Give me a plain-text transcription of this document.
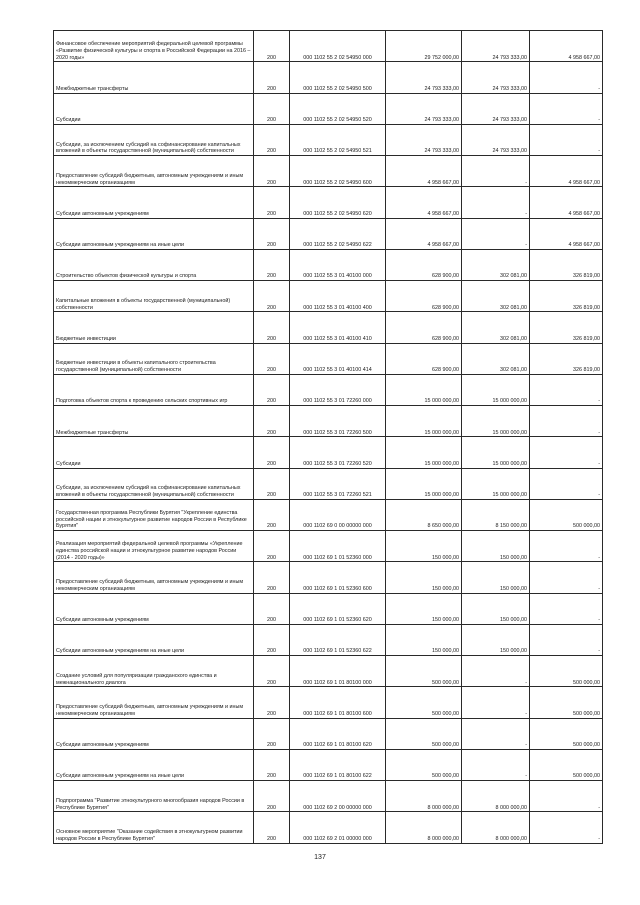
Финансовое обеспечение мероприятий федеральной целевой программы «Развитие физической культуры и спорта в Российской Федерации на 2016 – 2020 годы»	200	000 1102 55 2 02 54950 000	29 752 000,00	24 793 333,00	4 958 667,00
Межбюджетные трансферты	200	000 1102 55 2 02 54950 500	24 793 333,00	24 793 333,00	-
Субсидии	200	000 1102 55 2 02 54950 520	24 793 333,00	24 793 333,00	-
Субсидии, за исключением субсидий на софинансирование капитальных вложений в объекты государственной (муниципальной) собственности	200	000 1102 55 2 02 54950 521	24 793 333,00	24 793 333,00	-
Предоставление субсидий бюджетным, автономным учреждениям и иным некоммерческим организациям	200	000 1102 55 2 02 54950 600	4 958 667,00	-	4 958 667,00
Субсидии автономным учреждениям	200	000 1102 55 2 02 54950 620	4 958 667,00	-	4 958 667,00
Субсидии автономным учреждениям на иные цели	200	000 1102 55 2 02 54950 622	4 958 667,00	-	4 958 667,00
Строительство объектов физической культуры и спорта	200	000 1102 55 3 01 40100 000	628 900,00	302 081,00	326 819,00
Капитальные вложения в объекты государственной (муниципальной) собственности	200	000 1102 55 3 01 40100 400	628 900,00	302 081,00	326 819,00
Бюджетные инвестиции	200	000 1102 55 3 01 40100 410	628 900,00	302 081,00	326 819,00
Бюджетные инвестиции в объекты капитального строительства государственной (муниципальной) собственности	200	000 1102 55 3 01 40100 414	628 900,00	302 081,00	326 819,00
Подготовка объектов спорта к проведению сельских спортивных игр	200	000 1102 55 3 01 72260 000	15 000 000,00	15 000 000,00	-
Межбюджетные трансферты	200	000 1102 55 3 01 72260 500	15 000 000,00	15 000 000,00	-
Субсидии	200	000 1102 55 3 01 72260 520	15 000 000,00	15 000 000,00	-
Субсидии, за исключением субсидий на софинансирование капитальных вложений в объекты государственной (муниципальной) собственности	200	000 1102 55 3 01 72260 521	15 000 000,00	15 000 000,00	-
Государственная программа Республики Бурятия "Укрепление единства российской нации и этнокультурное развитие народов России в Республике Бурятия"	200	000 1102 69 0 00 00000 000	8 650 000,00	8 150 000,00	500 000,00
Реализация мероприятий федеральной целевой программы «Укрепление единства российской нации и этнокультурное развитие народов России (2014 - 2020 годы)»	200	000 1102 69 1 01 52360 000	150 000,00	150 000,00	-
Предоставление субсидий бюджетным, автономным учреждениям и иным некоммерческим организациям	200	000 1102 69 1 01 52360 600	150 000,00	150 000,00	-
Субсидии автономным учреждениям	200	000 1102 69 1 01 52360 620	150 000,00	150 000,00	-
Субсидии автономным учреждениям на иные цели	200	000 1102 69 1 01 52360 622	150 000,00	150 000,00	-
Создание условий для популяризации гражданского единства и межнационального диалога	200	000 1102 69 1 01 80100 000	500 000,00	-	500 000,00
Предоставление субсидий бюджетным, автономным учреждениям и иным некоммерческим организациям	200	000 1102 69 1 01 80100 600	500 000,00	-	500 000,00
Субсидии автономным учреждениям	200	000 1102 69 1 01 80100 620	500 000,00	-	500 000,00
Субсидии автономным учреждениям на иные цели	200	000 1102 69 1 01 80100 622	500 000,00	-	500 000,00
Подпрограмма "Развитие этнокультурного многообразия народов России в Республике Бурятия"	200	000 1102 69 2 00 00000 000	8 000 000,00	8 000 000,00	-
Основное мероприятие "Оказание содействия в этнокультурном развитии народов России в Республике Бурятия"	200	000 1102 69 2 01 00000 000	8 000 000,00	8 000 000,00	-
137
